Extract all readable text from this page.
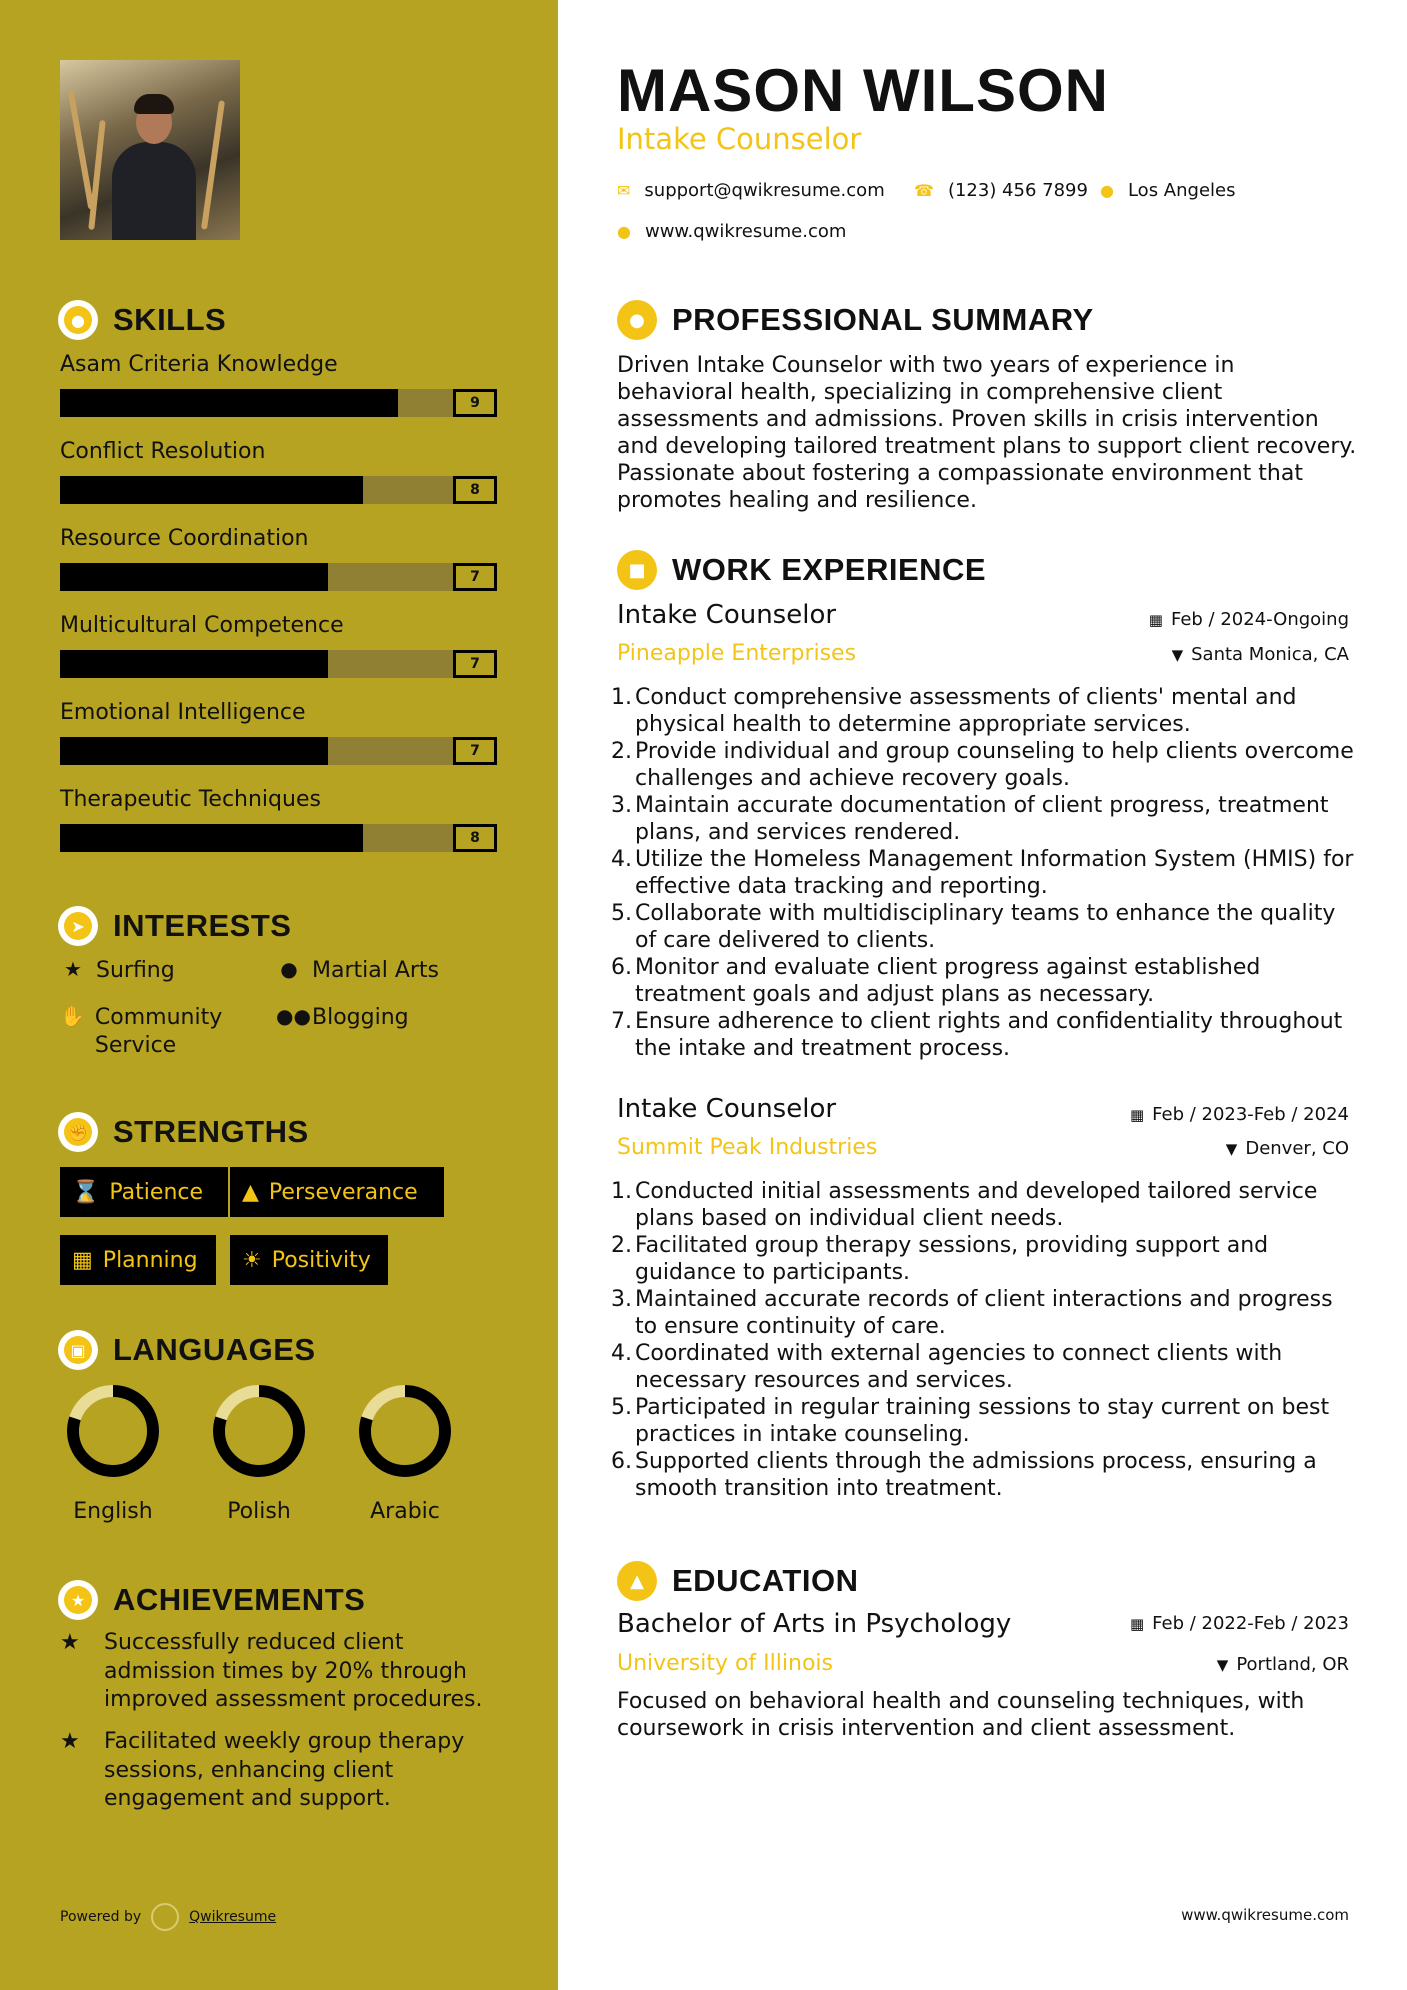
● SKILLS
Asam Criteria Knowledge
9
Conflict Resolution
8
Resource Coordination
7
Multicultural Competence
7
Emotional Intelligence
7
Therapeutic Techniques
8
➤ INTERESTS
★ Surfing	● Martial Arts
✋ Community Service
●● Blogging
✊ STRENGTHS
⌛ Patience ▲ Perseverance
▦ Planning ☀ Positivity
▣ LANGUAGES
English	Polish	Arabic
★ ACHIEVEMENTS
★	Successfully reduced client admission times by 20% through improved assessment procedures.
★	Facilitated weekly group therapy sessions, enhancing client engagement and support.
Powered by	Qwikresume
MASON WILSON
Intake Counselor
✉ support@qwikresume.com ☎ (123) 456 7899 ● Los Angeles
● www.qwikresume.com
● PROFESSIONAL SUMMARY
Driven Intake Counselor with two years of experience in behavioral health, specializing in comprehensive client assessments and admissions. Proven skills in crisis intervention and developing tailored treatment plans to support client recovery. Passionate about fostering a compassionate environment that promotes healing and resilience.
■ WORK EXPERIENCE
Intake Counselor	▦ Feb / 2024-Ongoing
Pineapple Enterprises	▼ Santa Monica, CA
Conduct comprehensive assessments of clients' mental and physical health to determine appropriate services.
Provide individual and group counseling to help clients overcome challenges and achieve recovery goals.
Maintain accurate documentation of client progress, treatment plans, and services rendered.
Utilize the Homeless Management Information System (HMIS) for effective data tracking and reporting.
Collaborate with multidisciplinary teams to enhance the quality of care delivered to clients.
Monitor and evaluate client progress against established treatment goals and adjust plans as necessary.
Ensure adherence to client rights and confidentiality throughout the intake and treatment process.
Intake Counselor	▦ Feb / 2023-Feb / 2024
Summit Peak Industries	▼ Denver, CO
Conducted initial assessments and developed tailored service plans based on individual client needs.
Facilitated group therapy sessions, providing support and guidance to participants.
Maintained accurate records of client interactions and progress to ensure continuity of care.
Coordinated with external agencies to connect clients with necessary resources and services.
Participated in regular training sessions to stay current on best practices in intake counseling.
Supported clients through the admissions process, ensuring a smooth transition into treatment.
▲ EDUCATION
Bachelor of Arts in Psychology	▦ Feb / 2022-Feb / 2023
University of Illinois	▼ Portland, OR
Focused on behavioral health and counseling techniques, with coursework in crisis intervention and client assessment.
www.qwikresume.com
